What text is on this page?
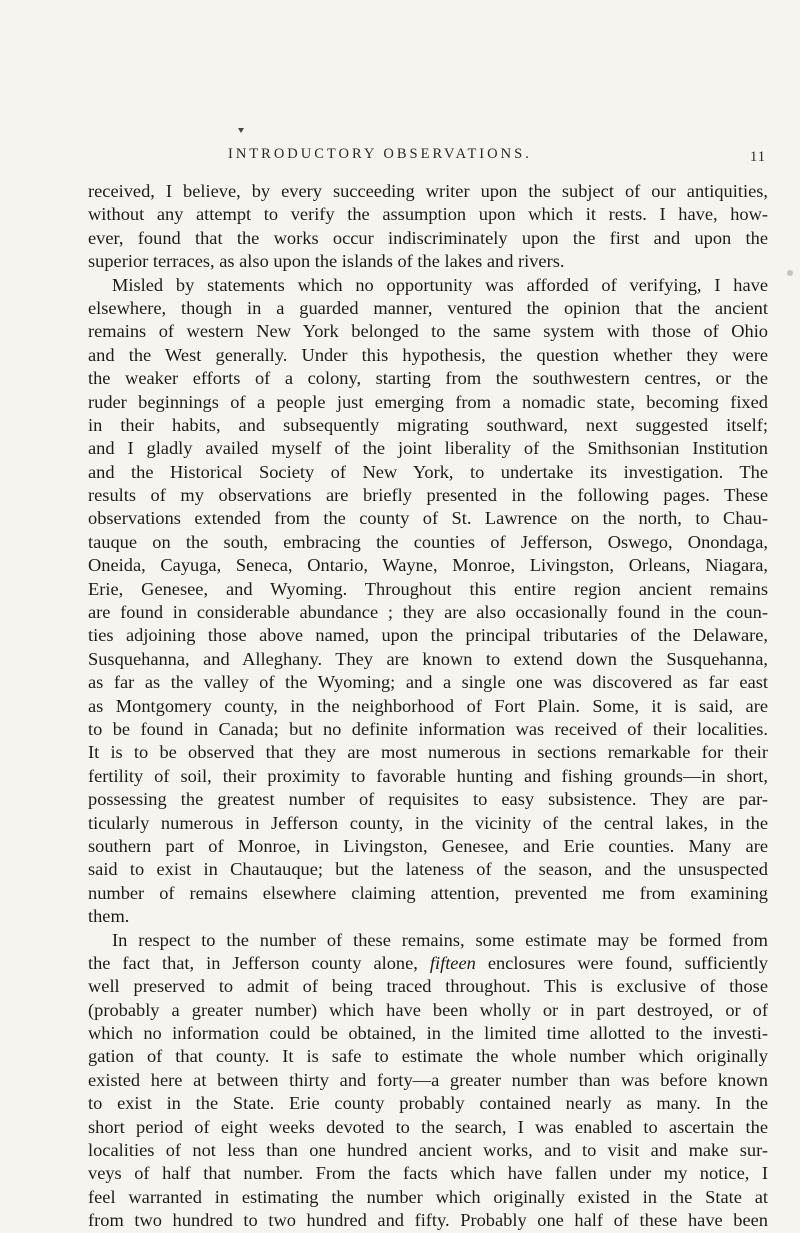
INTRODUCTORY OBSERVATIONS.	11
received, I believe, by every succeeding writer upon the subject of our antiquities,
without any attempt to verify the assumption upon which it rests. I have, how-
ever, found that the works occur indiscriminately upon the first and upon the
superior terraces, as also upon the islands of the lakes and rivers.
Misled by statements which no opportunity was afforded of verifying, I have
elsewhere, though in a guarded manner, ventured the opinion that the ancient
remains of western New York belonged to the same system with those of Ohio
and the West generally. Under this hypothesis, the question whether they were
the weaker efforts of a colony, starting from the southwestern centres, or the
ruder beginnings of a people just emerging from a nomadic state, becoming fixed
in their habits, and subsequently migrating southward, next suggested itself;
and I gladly availed myself of the joint liberality of the Smithsonian Institution
and the Historical Society of New York, to undertake its investigation. The
results of my observations are briefly presented in the following pages. These
observations extended from the county of St. Lawrence on the north, to Chau-
tauque on the south, embracing the counties of Jefferson, Oswego, Onondaga,
Oneida, Cayuga, Seneca, Ontario, Wayne, Monroe, Livingston, Orleans, Niagara,
Erie, Genesee, and Wyoming. Throughout this entire region ancient remains
are found in considerable abundance ; they are also occasionally found in the coun-
ties adjoining those above named, upon the principal tributaries of the Delaware,
Susquehanna, and Alleghany. They are known to extend down the Susquehanna,
as far as the valley of the Wyoming; and a single one was discovered as far east
as Montgomery county, in the neighborhood of Fort Plain. Some, it is said, are
to be found in Canada; but no definite information was received of their localities.
It is to be observed that they are most numerous in sections remarkable for their
fertility of soil, their proximity to favorable hunting and fishing grounds—in short,
possessing the greatest number of requisites to easy subsistence. They are par-
ticularly numerous in Jefferson county, in the vicinity of the central lakes, in the
southern part of Monroe, in Livingston, Genesee, and Erie counties. Many are
said to exist in Chautauque; but the lateness of the season, and the unsuspected
number of remains elsewhere claiming attention, prevented me from examining
them.
In respect to the number of these remains, some estimate may be formed from
the fact that, in Jefferson county alone, fifteen enclosures were found, sufficiently
well preserved to admit of being traced throughout. This is exclusive of those
(probably a greater number) which have been wholly or in part destroyed, or of
which no information could be obtained, in the limited time allotted to the investi-
gation of that county. It is safe to estimate the whole number which originally
existed here at between thirty and forty—a greater number than was before known
to exist in the State. Erie county probably contained nearly as many. In the
short period of eight weeks devoted to the search, I was enabled to ascertain the
localities of not less than one hundred ancient works, and to visit and make sur-
veys of half that number. From the facts which have fallen under my notice, I
feel warranted in estimating the number which originally existed in the State at
from two hundred to two hundred and fifty. Probably one half of these have been
